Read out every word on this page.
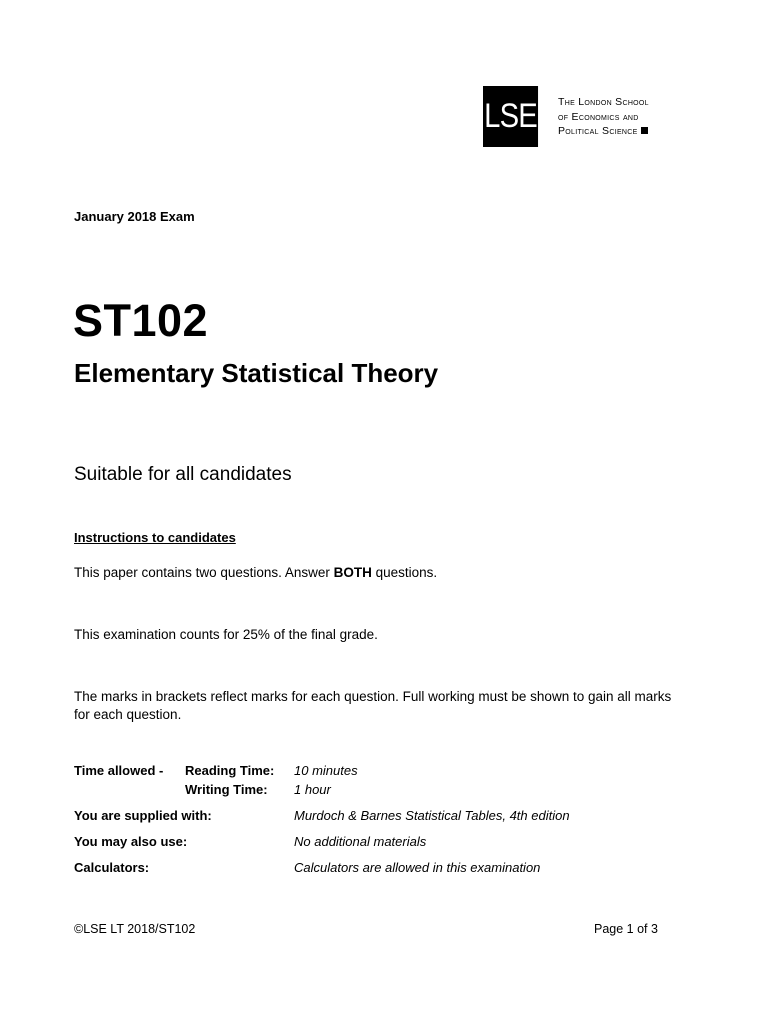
LSE The London School
of Economics and
Political Science
January 2018 Exam
ST102
Elementary Statistical Theory
Suitable for all candidates
Instructions to candidates
This paper contains two questions. Answer BOTH questions.
This examination counts for 25% of the final grade.
The marks in brackets reflect marks for each question. Full working must be shown to gain all marks for each question.
Time allowed - Reading Time: 10 minutes
Writing Time: 1 hour
You are supplied with:	Murdoch & Barnes Statistical Tables, 4th edition
You may also use:	No additional materials
Calculators:	Calculators are allowed in this examination
©LSE LT 2018/ST102	Page 1 of 3
